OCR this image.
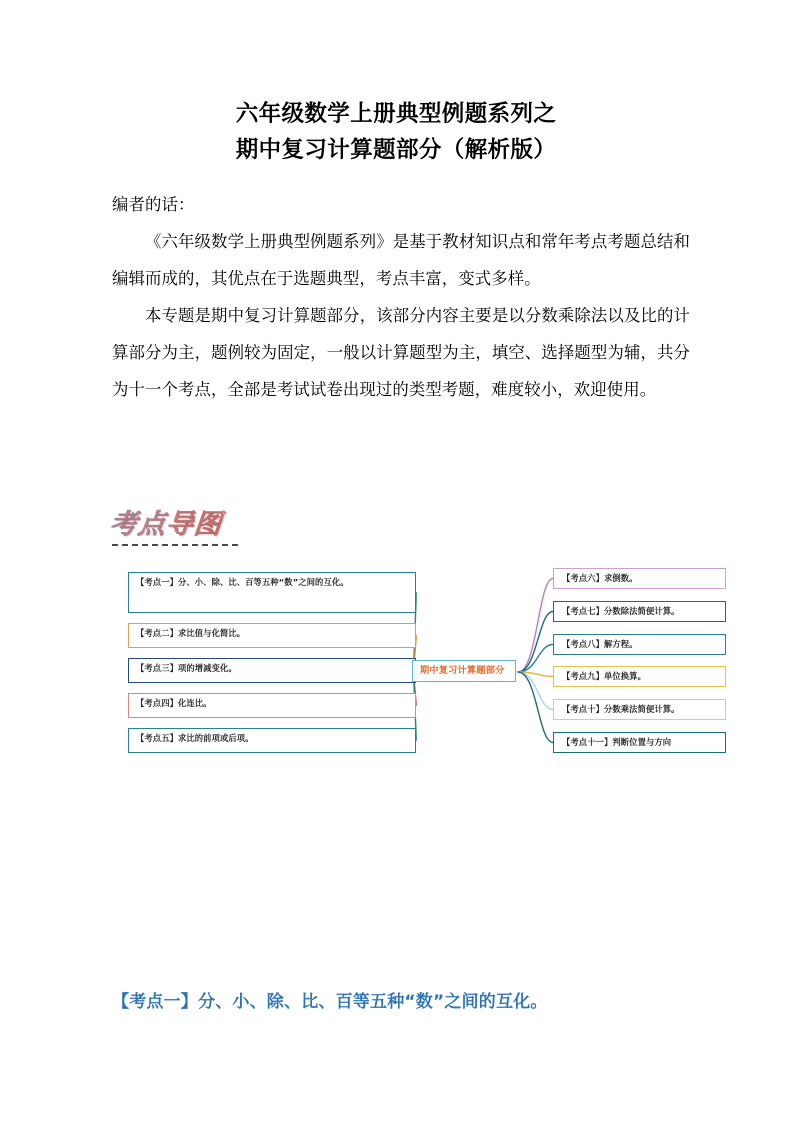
六年级数学上册典型例题系列之
期中复习计算题部分（解析版）

编者的话：

《六年级数学上册典型例题系列》是基于教材知识点和常年考点考题总结和编辑而成的，其优点在于选题典型，考点丰富，变式多样。

本专题是期中复习计算题部分，该部分内容主要是以分数乘除法以及比的计算部分为主，题例较为固定，一般以计算题型为主，填空、选择题型为辅，共分为十一个考点，全部是考试试卷出现过的类型考题，难度较小，欢迎使用。

考点导图
期中复习计算题部分
【考点一】分、小、除、比、百等五种“数”之间的互化。
【考点二】求比值与化简比。
【考点三】项的增减变化。
【考点四】化连比。
【考点五】求比的前项或后项。
【考点六】求倒数。
【考点七】分数除法简便计算。
【考点八】解方程。
【考点九】单位换算。
【考点十】分数乘法简便计算。
【考点十一】判断位置与方向
【考点一】分、小、除、比、百等五种“数”之间的互化。
